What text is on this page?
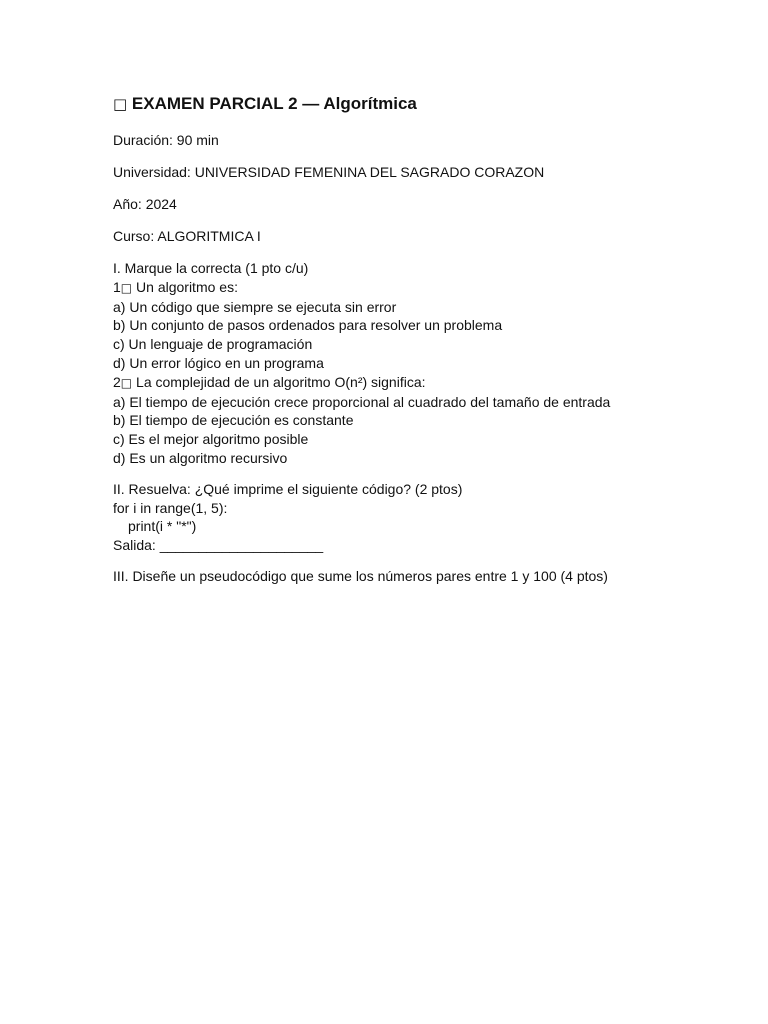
□ EXAMEN PARCIAL 2 — Algorítmica
Duración: 90 min
Universidad: UNIVERSIDAD FEMENINA DEL SAGRADO CORAZON
Año: 2024
Curso: ALGORITMICA I
I. Marque la correcta (1 pto c/u)
1□ Un algoritmo es:
a) Un código que siempre se ejecuta sin error
b) Un conjunto de pasos ordenados para resolver un problema
c) Un lenguaje de programación
d) Un error lógico en un programa
2□ La complejidad de un algoritmo O(n²) significa:
a) El tiempo de ejecución crece proporcional al cuadrado del tamaño de entrada
b) El tiempo de ejecución es constante
c) Es el mejor algoritmo posible
d) Es un algoritmo recursivo
II. Resuelva: ¿Qué imprime el siguiente código? (2 ptos)
for i in range(1, 5):
print(i * "*")
Salida: _____________________
III. Diseñe un pseudocódigo que sume los números pares entre 1 y 100 (4 ptos)
